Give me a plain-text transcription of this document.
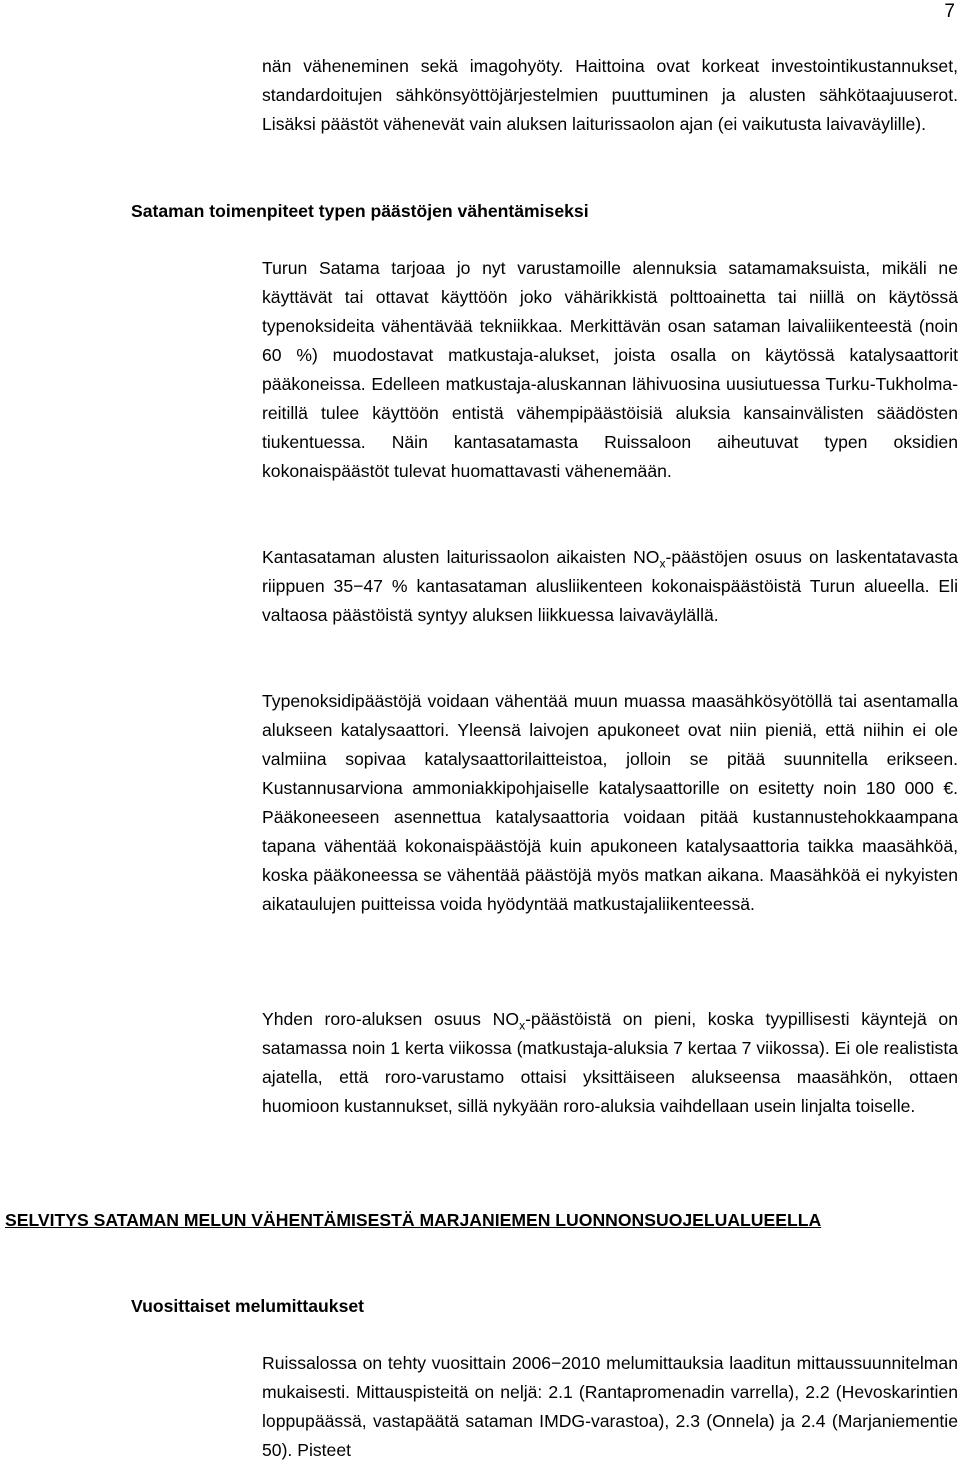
7

nän väheneminen sekä imagohyöty. Haittoina ovat korkeat investointikustannukset, standardoitujen sähkönsyöttöjärjestelmien puuttuminen ja alusten sähkötaajuuserot. Lisäksi päästöt vähenevät vain aluksen laiturissaolon ajan (ei vaikutusta laivaväylille).

Sataman toimenpiteet typen päästöjen vähentämiseksi

Turun Satama tarjoaa jo nyt varustamoille alennuksia satamamaksuista, mikäli ne käyttävät tai ottavat käyttöön joko vähärikkistä polttoainetta tai niillä on käytössä typenoksideita vähentävää tekniikkaa. Merkittävän osan sataman laivaliikenteestä (noin 60 %) muodostavat matkustaja-alukset, joista osalla on käytössä katalysaattorit pääkoneissa. Edelleen matkustaja-aluskannan lähivuosina uusiutuessa Turku-Tukholma-reitillä tulee käyttöön entistä vähempipäästöisiä aluksia kansainvälisten säädösten tiukentuessa. Näin kantasatamasta Ruissaloon aiheutuvat typen oksidien kokonaispäästöt tulevat huomattavasti vähenemään.

Kantasataman alusten laiturissaolon aikaisten $NO_x$-päästöjen osuus on laskentatavasta riippuen 35−47 % kantasataman alusliikenteen kokonaispäästöistä Turun alueella. Eli valtaosa päästöistä syntyy aluksen liikkuessa laivaväylällä.

Typenoksidipäästöjä voidaan vähentää muun muassa maasähkösyötöllä tai asentamalla alukseen katalysaattori. Yleensä laivojen apukoneet ovat niin pieniä, että niihin ei ole valmiina sopivaa katalysaattorilaitteistoa, jolloin se pitää suunnitella erikseen. Kustannusarviona ammoniakkipohjaiselle katalysaattorille on esitetty noin 180 000 €. Pääkoneeseen asennettua katalysaattoria voidaan pitää kustannustehokkaampana tapana vähentää kokonaispäästöjä kuin apukoneen katalysaattoria taikka maasähköä, koska pääkoneessa se vähentää päästöjä myös matkan aikana. Maasähköä ei nykyisten aikataulujen puitteissa voida hyödyntää matkustajaliikenteessä.

Yhden roro-aluksen osuus $NO_x$-päästöistä on pieni, koska tyypillisesti käyntejä on satamassa noin 1 kerta viikossa (matkustaja-aluksia 7 kertaa 7 viikossa). Ei ole realistista ajatella, että roro-varustamo ottaisi yksittäiseen alukseensa maasähkön, ottaen huomioon kustannukset, sillä nykyään roro-aluksia vaihdellaan usein linjalta toiselle.

SELVITYS SATAMAN MELUN VÄHENTÄMISESTÄ MARJANIEMEN LUONNONSUOJELUALUEELLA
Vuosittaiset melumittaukset

Ruissalossa on tehty vuosittain 2006−2010 melumittauksia laaditun mittaussuunnitelman mukaisesti. Mittauspisteitä on neljä: 2.1 (Rantapromenadin varrella), 2.2 (Hevoskarintien loppupäässä, vastapäätä sataman IMDG-varastoa), 2.3 (Onnela) ja 2.4 (Marjaniementie 50). Pisteet
